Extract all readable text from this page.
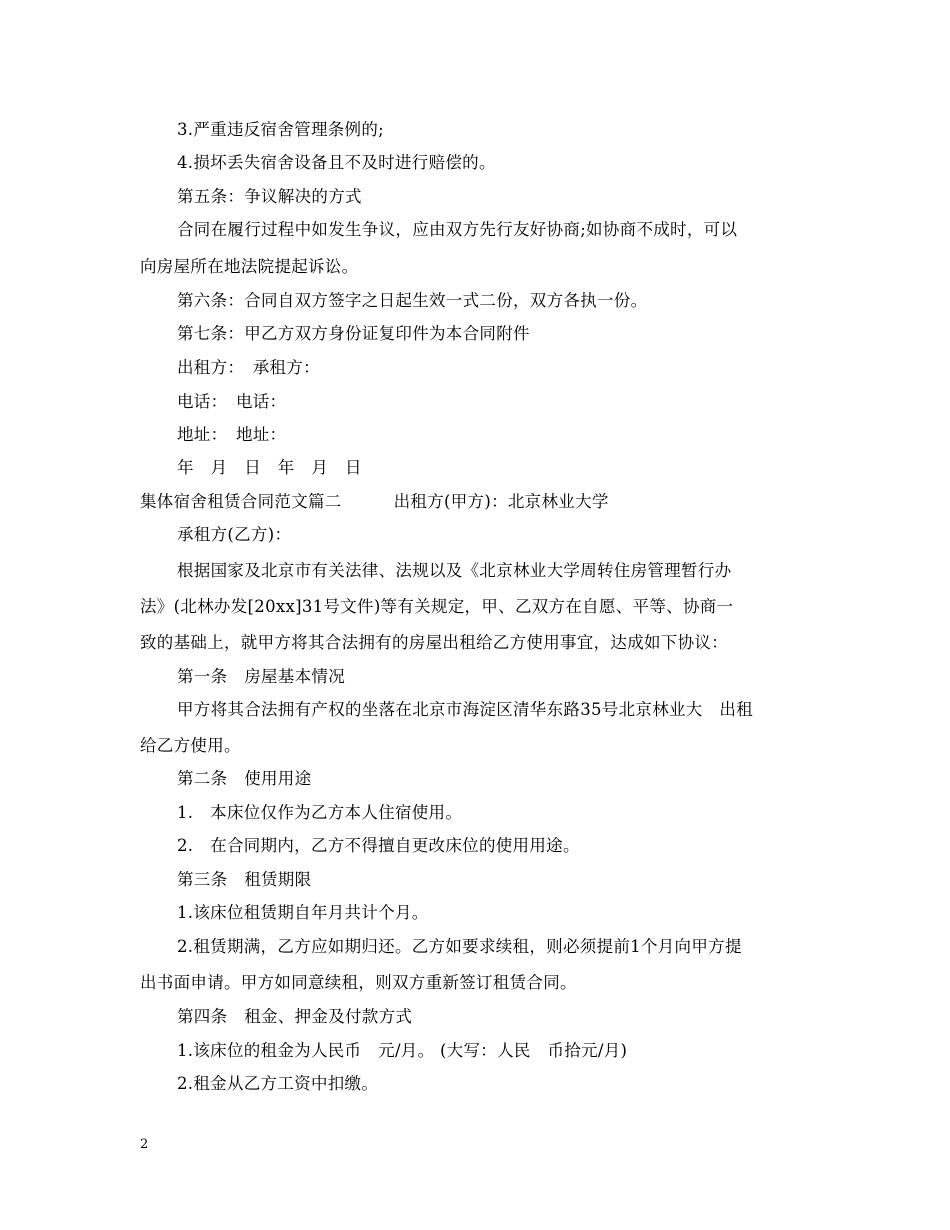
3.严重违反宿舍管理条例的;
4.损坏丢失宿舍设备且不及时进行赔偿的。
第五条：争议解决的方式
合同在履行过程中如发生争议，应由双方先行友好协商;如协商不成时，可以
向房屋所在地法院提起诉讼。
第六条：合同自双方签字之日起生效一式二份，双方各执一份。
第七条：甲乙方双方身份证复印件为本合同附件
出租方：　承租方：
电话：　电话：
地址：　地址：
年　月　日　年　月　日
集体宿舍租赁合同范文篇二	出租方(甲方)：北京林业大学
承租方(乙方)：
根据国家及北京市有关法律、法规以及《北京林业大学周转住房管理暂行办
法》(北林办发[20xx]31号文件)等有关规定，甲、乙双方在自愿、平等、协商一
致的基础上，就甲方将其合法拥有的房屋出租给乙方使用事宜，达成如下协议：
第一条　房屋基本情况
甲方将其合法拥有产权的坐落在北京市海淀区清华东路35号北京林业大　出租
给乙方使用。
第二条　使用用途
1.　本床位仅作为乙方本人住宿使用。
2.　在合同期内，乙方不得擅自更改床位的使用用途。
第三条　租赁期限
1.该床位租赁期自年月共计个月。
2.租赁期满，乙方应如期归还。乙方如要求续租，则必须提前1个月向甲方提
出书面申请。甲方如同意续租，则双方重新签订租赁合同。
第四条　租金、押金及付款方式
1.该床位的租金为人民币　元/月。 (大写：人民　币拾元/月)
2.租金从乙方工资中扣缴。
2
